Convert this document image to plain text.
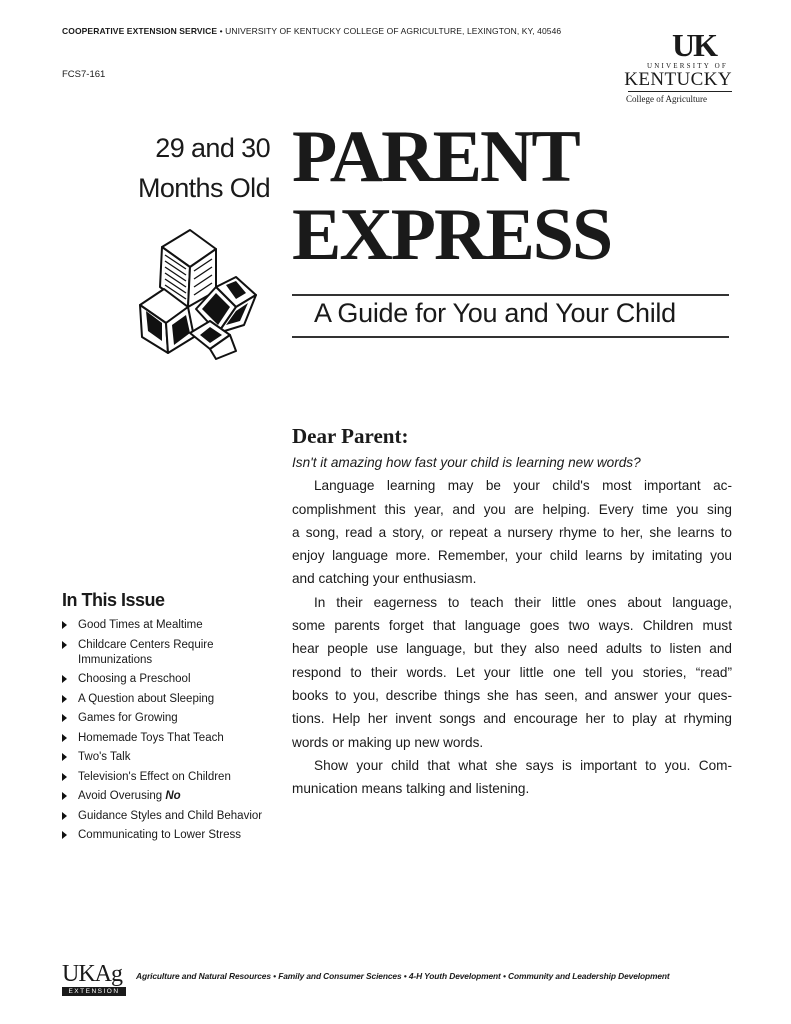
COOPERATIVE EXTENSION SERVICE • UNIVERSITY OF KENTUCKY COLLEGE OF AGRICULTURE, LEXINGTON, KY, 40546
FCS7-161
UK
UNIVERSITY OF
KENTUCKY
College of Agriculture
29 and 30
Months Old PARENT
EXPRESS
A Guide for You and Your Child
In This Issue
Good Times at Mealtime
Childcare Centers Require Immunizations
Choosing a Preschool
A Question about Sleeping
Games for Growing
Homemade Toys That Teach
Two's Talk
Television's Effect on Children
Avoid Overusing No
Guidance Styles and Child Behavior
Communicating to Lower Stress
Dear Parent:

Isn't it amazing how fast your child is learning new words?

Language learning may be your child's most important ac-
complishment this year, and you are helping. Every time you sing
a song, read a story, or repeat a nursery rhyme to her, she learns to
enjoy language more. Remember, your child learns by imitating you
and catching your enthusiasm.

In their eagerness to teach their little ones about language,
some parents forget that language goes two ways. Children must
hear people use language, but they also need adults to listen and
respond to their words. Let your little one tell you stories, “read”
books to you, describe things she has seen, and answer your ques-
tions. Help her invent songs and encourage her to play at rhyming
words or making up new words.

Show your child that what she says is important to you. Com-
munication means talking and listening.

UKAg
EXTENSION
Agriculture and Natural Resources • Family and Consumer Sciences • 4-H Youth Development • Community and Leadership Development
